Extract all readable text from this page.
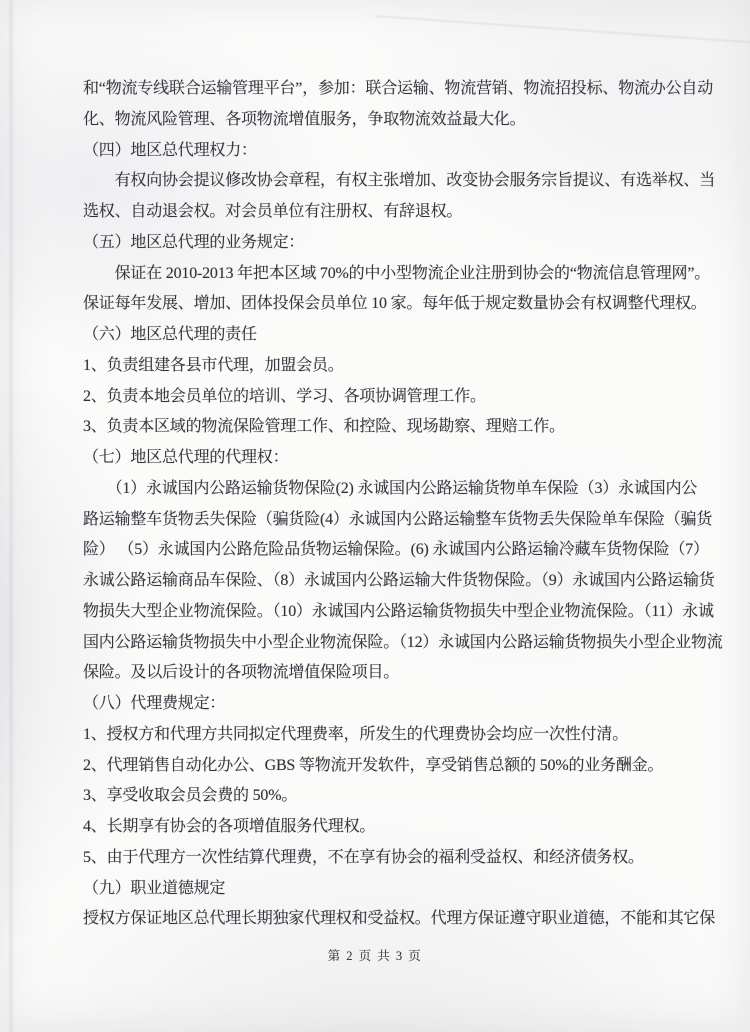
和“物流专线联合运输管理平台”，参加：联合运输、物流营销、物流招投标、物流办公自动
化、物流风险管理、各项物流增值服务，争取物流效益最大化。
（四）地区总代理权力：
　　有权向协会提议修改协会章程，有权主张增加、改变协会服务宗旨提议、有选举权、当
选权、自动退会权。对会员单位有注册权、有辞退权。
（五）地区总代理的业务规定：
　　保证在 2010-2013 年把本区域 70%的中小型物流企业注册到协会的“物流信息管理网”。
保证每年发展、增加、团体投保会员单位 10 家。每年低于规定数量协会有权调整代理权。
（六）地区总代理的责任
1、负责组建各县市代理，加盟会员。
2、负责本地会员单位的培训、学习、各项协调管理工作。
3、负责本区域的物流保险管理工作、和控险、现场勘察、理赔工作。
（七）地区总代理的代理权：
　　（1）永诚国内公路运输货物保险(2) 永诚国内公路运输货物单车保险（3）永诚国内公
路运输整车货物丢失保险（骗货险(4）永诚国内公路运输整车货物丢失保险单车保险（骗货
险） （5）永诚国内公路危险品货物运输保险。(6) 永诚国内公路运输冷藏车货物保险（7）
永诚公路运输商品车保险、（8）永诚国内公路运输大件货物保险。（9）永诚国内公路运输货
物损失大型企业物流保险。（10）永诚国内公路运输货物损失中型企业物流保险。（11）永诚
国内公路运输货物损失中小型企业物流保险。（12）永诚国内公路运输货物损失小型企业物流
保险。及以后设计的各项物流增值保险项目。
（八）代理费规定：
1、授权方和代理方共同拟定代理费率，所发生的代理费协会均应一次性付清。
2、代理销售自动化办公、GBS 等物流开发软件，享受销售总额的 50%的业务酬金。
3、享受收取会员会费的 50%。
4、长期享有协会的各项增值服务代理权。
5、由于代理方一次性结算代理费，不在享有协会的福利受益权、和经济债务权。
（九）职业道德规定
授权方保证地区总代理长期独家代理权和受益权。代理方保证遵守职业道德，不能和其它保
第 2 页 共 3 页
